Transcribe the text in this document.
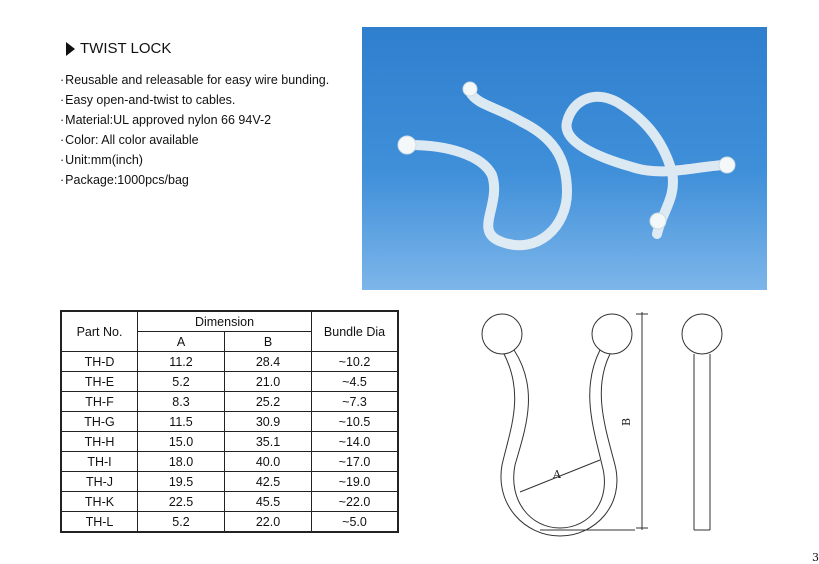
TWIST LOCK
· Reusable and releasable for easy wire bunding.
· Easy open-and-twist to cables.
· Material:UL approved nylon 66 94V-2
· Color: All color available
· Unit:mm(inch)
· Package:1000pcs/bag
Part No.	Dimension		Bundle Dia
	A	B	
TH-D	11.2	28.4	~10.2
TH-E	5.2	21.0	~4.5
TH-F	8.3	25.2	~7.3
TH-G	11.5	30.9	~10.5
TH-H	15.0	35.1	~14.0
TH-I	18.0	40.0	~17.0
TH-J	19.5	42.5	~19.0
TH-K	22.5	45.5	~22.0
TH-L	5.2	22.0	~5.0
B
A
3
